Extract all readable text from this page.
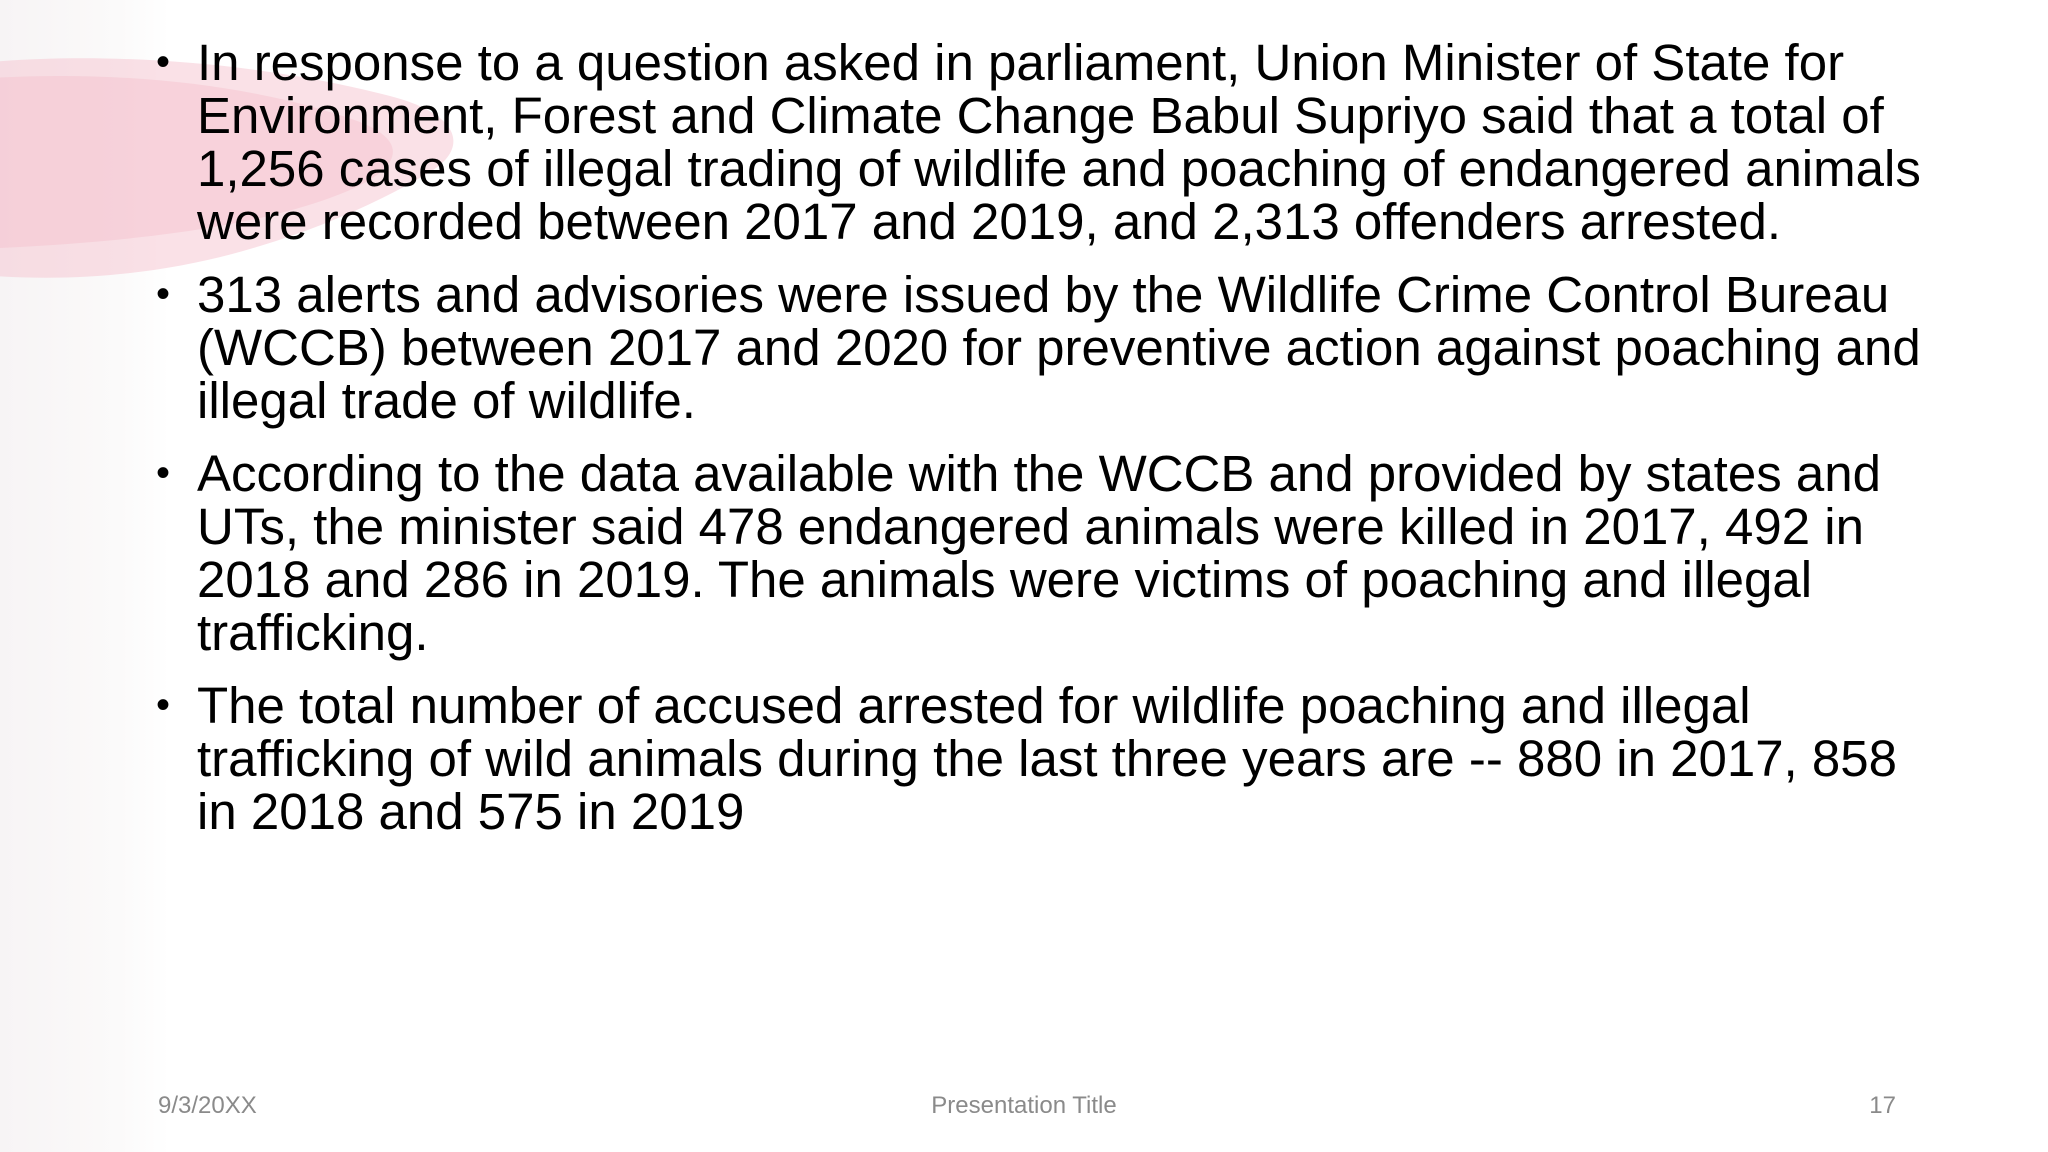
• In response to a question asked in parliament, Union Minister of State for Environment, Forest and Climate Change Babul Supriyo said that a total of 1,256 cases of illegal trading of wildlife and poaching of endangered animals were recorded between 2017 and 2019, and 2,313 offenders arrested.
• 313 alerts and advisories were issued by the Wildlife Crime Control Bureau (WCCB) between 2017 and 2020 for preventive action against poaching and illegal trade of wildlife.
• According to the data available with the WCCB and provided by states and UTs, the minister said 478 endangered animals were killed in 2017, 492 in 2018 and 286 in 2019. The animals were victims of poaching and illegal trafficking.
• The total number of accused arrested for wildlife poaching and illegal trafficking of wild animals during the last three years are -- 880 in 2017, 858 in 2018 and 575 in 2019
9/3/20XX	Presentation Title	17
